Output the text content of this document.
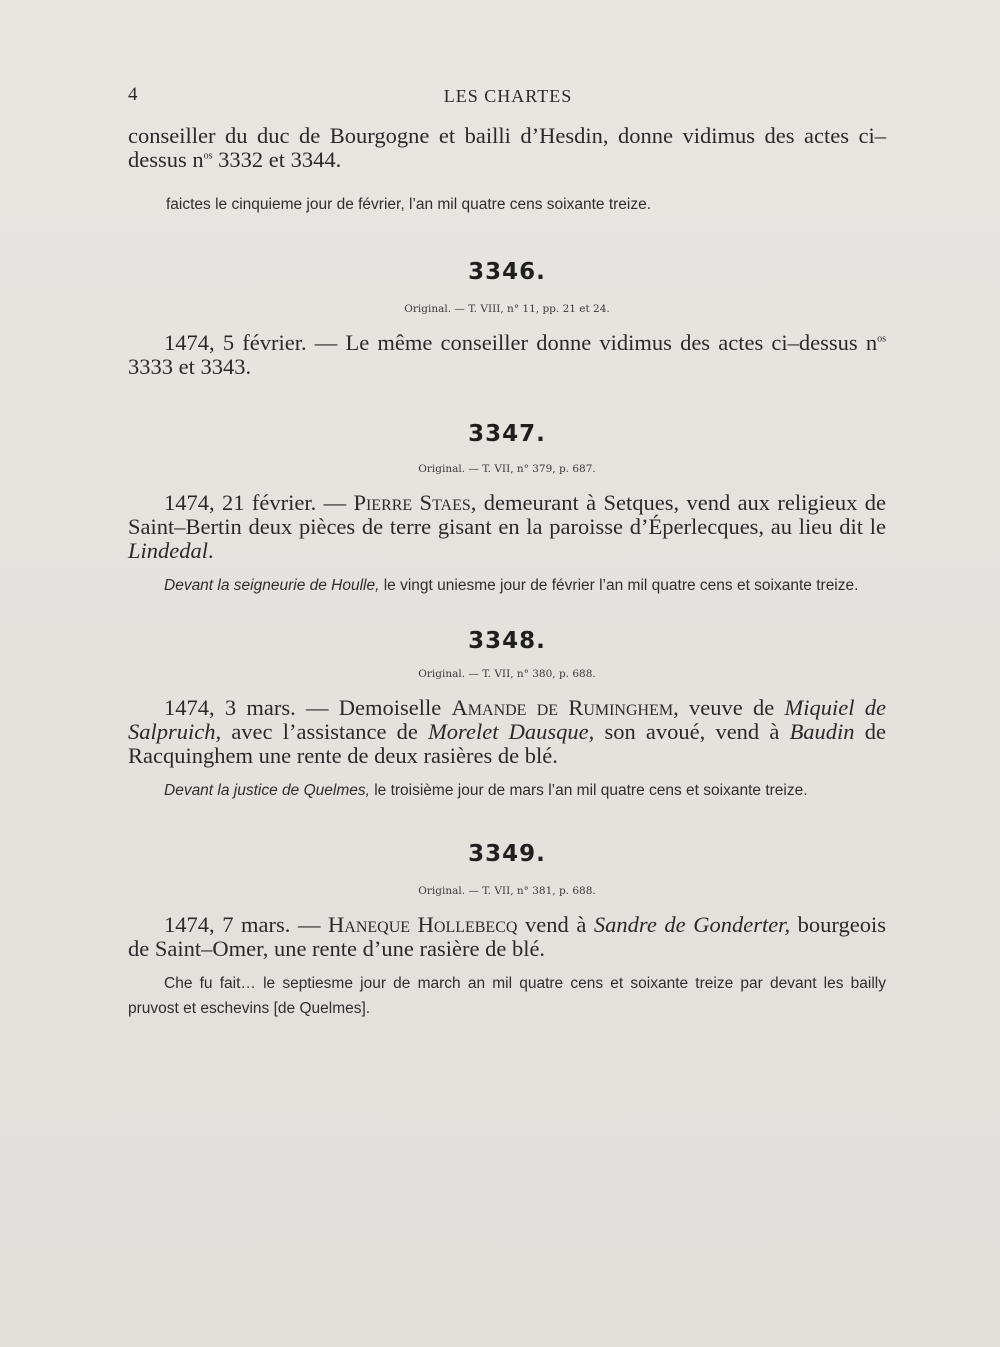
4	LES CHARTES

conseiller du duc de Bourgogne et bailli d’Hesdin, donne vidimus des actes ci–dessus $n^{os}$ 3332 et 3344.

faictes le cinquieme jour de février, l’an mil quatre cens soixante treize.

3346.
Original. — T. VIII, n° 11, pp. 21 et 24.

1474, 5 février. — Le même conseiller donne vidimus des actes ci–dessus $n^{os}$ 3333 et 3343.

3347.
Original. — T. VII, n° 379, p. 687.

1474, 21 février. — Pierre Staes, demeurant à Setques, vend aux religieux de Saint–Bertin deux pièces de terre gisant en la paroisse d’Éperlecques, au lieu dit le Lindedal.

Devant la seigneurie de Houlle, le vingt uniesme jour de février l’an mil quatre cens et soixante treize.

3348.
Original. — T. VII, n° 380, p. 688.

1474, 3 mars. — Demoiselle Amande de Ruminghem, veuve de Miquiel de Salpruich, avec l’assistance de Morelet Dausque, son avoué, vend à Baudin de Racquinghem une rente de deux rasières de blé.

Devant la justice de Quelmes, le troisième jour de mars l’an mil quatre cens et soixante treize.

3349.
Original. — T. VII, n° 381, p. 688.

1474, 7 mars. — Haneque Hollebecq vend à Sandre de Gonderter, bourgeois de Saint–Omer, une rente d’une rasière de blé.

Che fu fait… le septiesme jour de march an mil quatre cens et soixante treize par devant les bailly pruvost et eschevins [de Quelmes].
